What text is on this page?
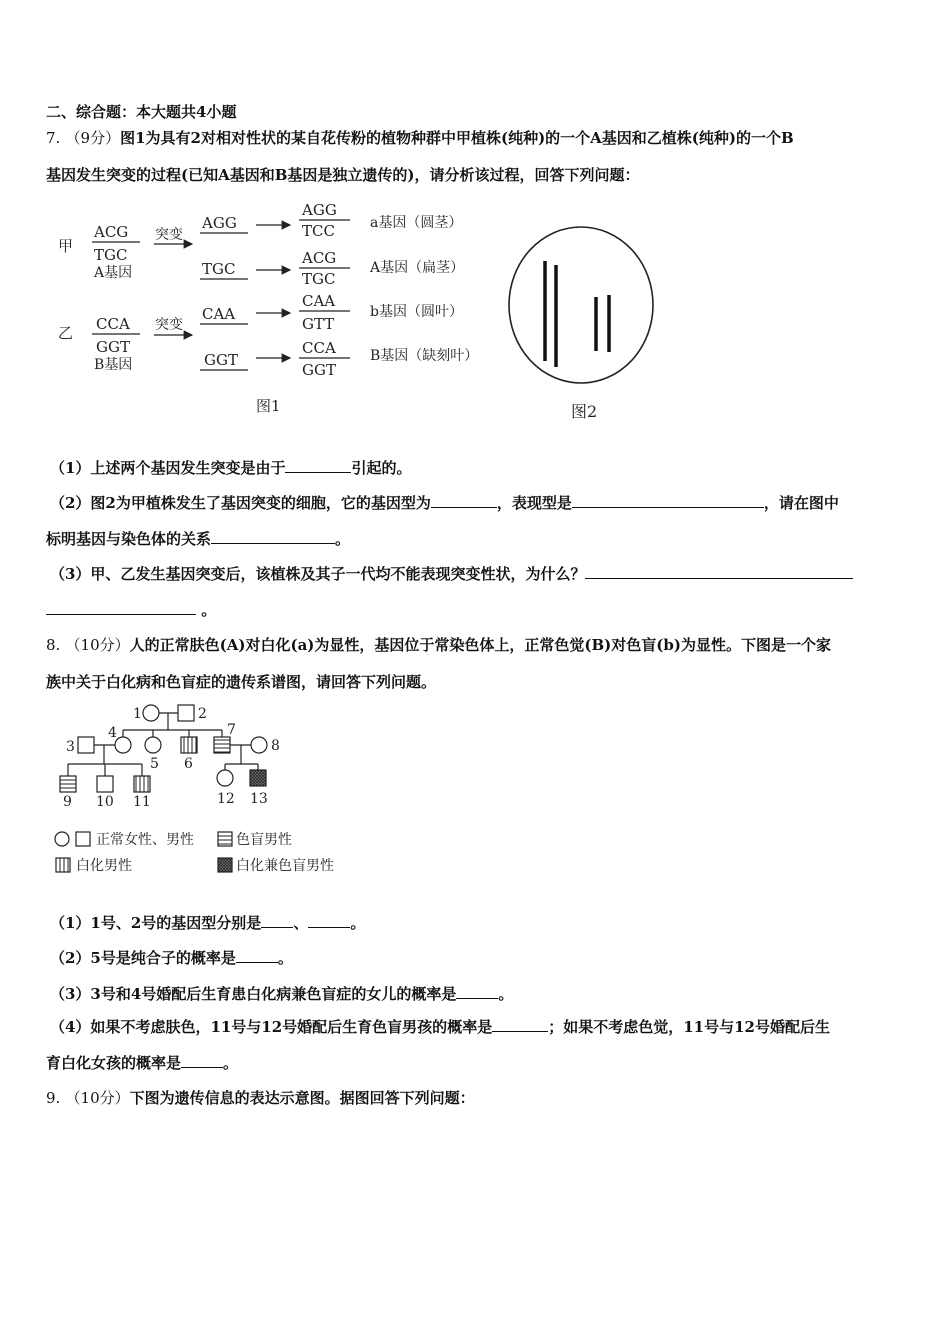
二、综合题：本大题共4小题
7. （9分）图1为具有2对相对性状的某自花传粉的植物种群中甲植株(纯种)的一个A基因和乙植株(纯种)的一个B
基因发生突变的过程(已知A基因和B基因是独立遗传的)，请分析该过程，回答下列问题：
甲
乙
ACG
TGC
A基因
突变
AGG
TGC
AGG
TCC	a基因（圆茎）
ACG
TGC
A基因（扁茎）
CCA
GGT
B基因
突变
CAA
GGT
CAA
GTT
b基因（圆叶）
CCA
GGT
B基因（缺刻叶）
图1	图2
（1）上述两个基因发生突变是由于	引起的。
（2）图2为甲植株发生了基因突变的细胞，它的基因型为	，表现型是	，请在图中
标明基因与染色体的关系	。
（3）甲、乙发生基因突变后，该植株及其子一代均不能表现突变性状，为什么？
。
8. （10分）人的正常肤色(A)对白化(a)为显性，基因位于常染色体上，正常色觉(B)对色盲(b)为显性。下图是一个家
族中关于白化病和色盲症的遗传系谱图，请回答下列问题。
1	2
3
4
5 6
7
8
9 10 11	12 13
正常女性、男性	色盲男性
白化男性	白化兼色盲男性
（1）1号、2号的基因型分别是 、	。
（2）5号是纯合子的概率是	。
（3）3号和4号婚配后生育患白化病兼色盲症的女儿的概率是	。
（4）如果不考虑肤色，11号与12号婚配后生育色盲男孩的概率是	；如果不考虑色觉，11号与12号婚配后生
育白化女孩的概率是	。
9. （10分）下图为遗传信息的表达示意图。据图回答下列问题：
